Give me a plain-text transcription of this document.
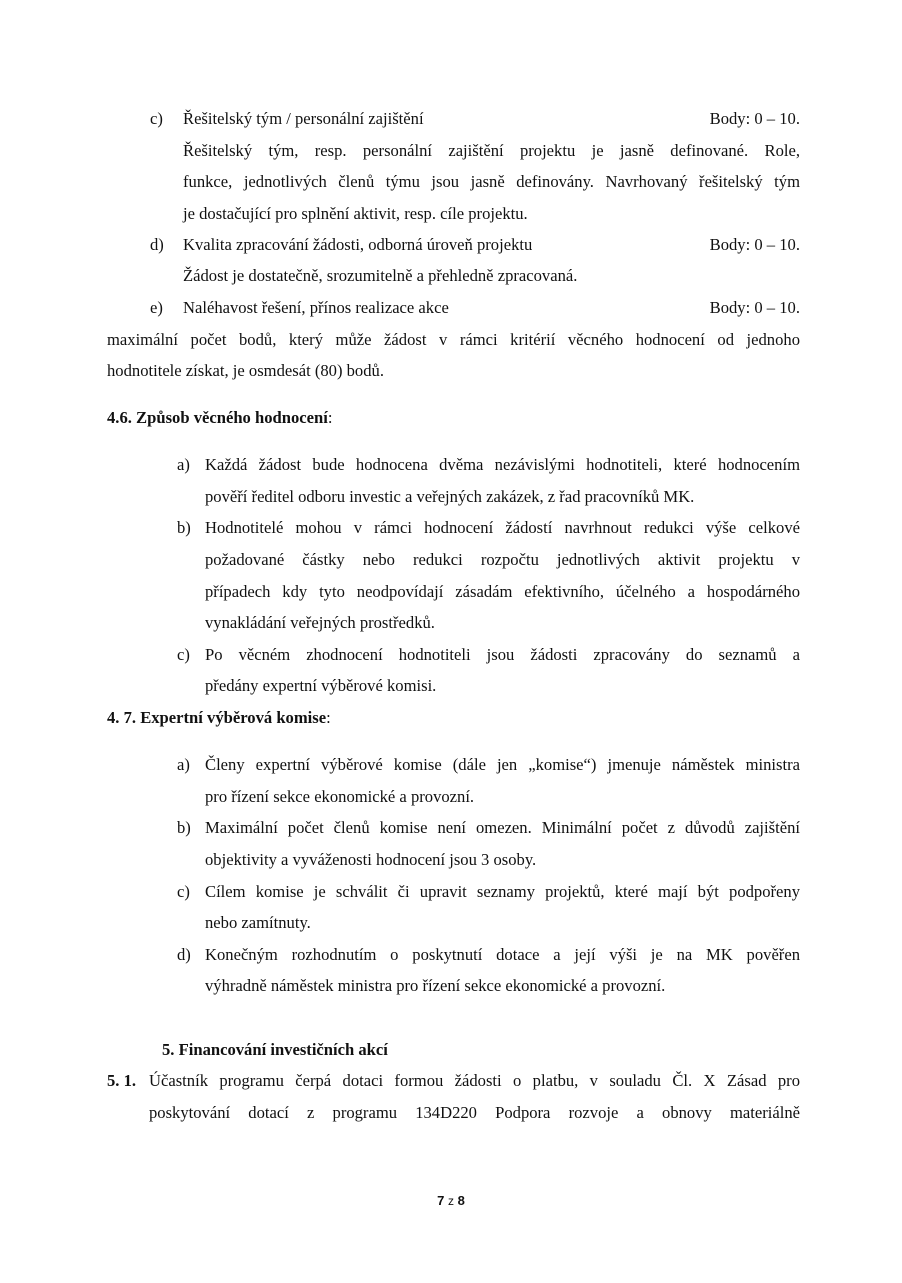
c) Řešitelský tým / personální zajištění	Body: 0 – 10.
Řešitelský tým, resp. personální zajištění projektu je jasně definované. Role,
funkce, jednotlivých členů týmu jsou jasně definovány. Navrhovaný řešitelský tým
je dostačující pro splnění aktivit, resp. cíle projektu.
d) Kvalita zpracování žádosti, odborná úroveň projektu	Body: 0 – 10.
Žádost je dostatečně, srozumitelně a přehledně zpracovaná.
e) Naléhavost řešení, přínos realizace akce	Body: 0 – 10.
maximální počet bodů, který může žádost v rámci kritérií věcného hodnocení od jednoho
hodnotitele získat, je osmdesát (80) bodů.
4.6. Způsob věcného hodnocení:
a) Každá žádost bude hodnocena dvěma nezávislými hodnotiteli, které hodnocením
pověří ředitel odboru investic a veřejných zakázek, z řad pracovníků MK.
b) Hodnotitelé mohou v rámci hodnocení žádostí navrhnout redukci výše celkové
požadované částky nebo redukci rozpočtu jednotlivých aktivit projektu v
případech kdy tyto neodpovídají zásadám efektivního, účelného a hospodárného
vynakládání veřejných prostředků.
c) Po věcném zhodnocení hodnotiteli jsou žádosti zpracovány do seznamů a
předány expertní výběrové komisi.
4. 7. Expertní výběrová komise:
a) Členy expertní výběrové komise (dále jen „komise“) jmenuje náměstek ministra
pro řízení sekce ekonomické a provozní.
b) Maximální počet členů komise není omezen. Minimální počet z důvodů zajištění
objektivity a vyváženosti hodnocení jsou 3 osoby.
c) Cílem komise je schválit či upravit seznamy projektů, které mají být podpořeny
nebo zamítnuty.
d) Konečným rozhodnutím o poskytnutí dotace a její výši je na MK pověřen
výhradně náměstek ministra pro řízení sekce ekonomické a provozní.
5. Financování investičních akcí
5. 1. Účastník programu čerpá dotaci formou žádosti o platbu, v souladu Čl. X Zásad pro
poskytování dotací z programu 134D220 Podpora rozvoje a obnovy materiálně
7 z 8
